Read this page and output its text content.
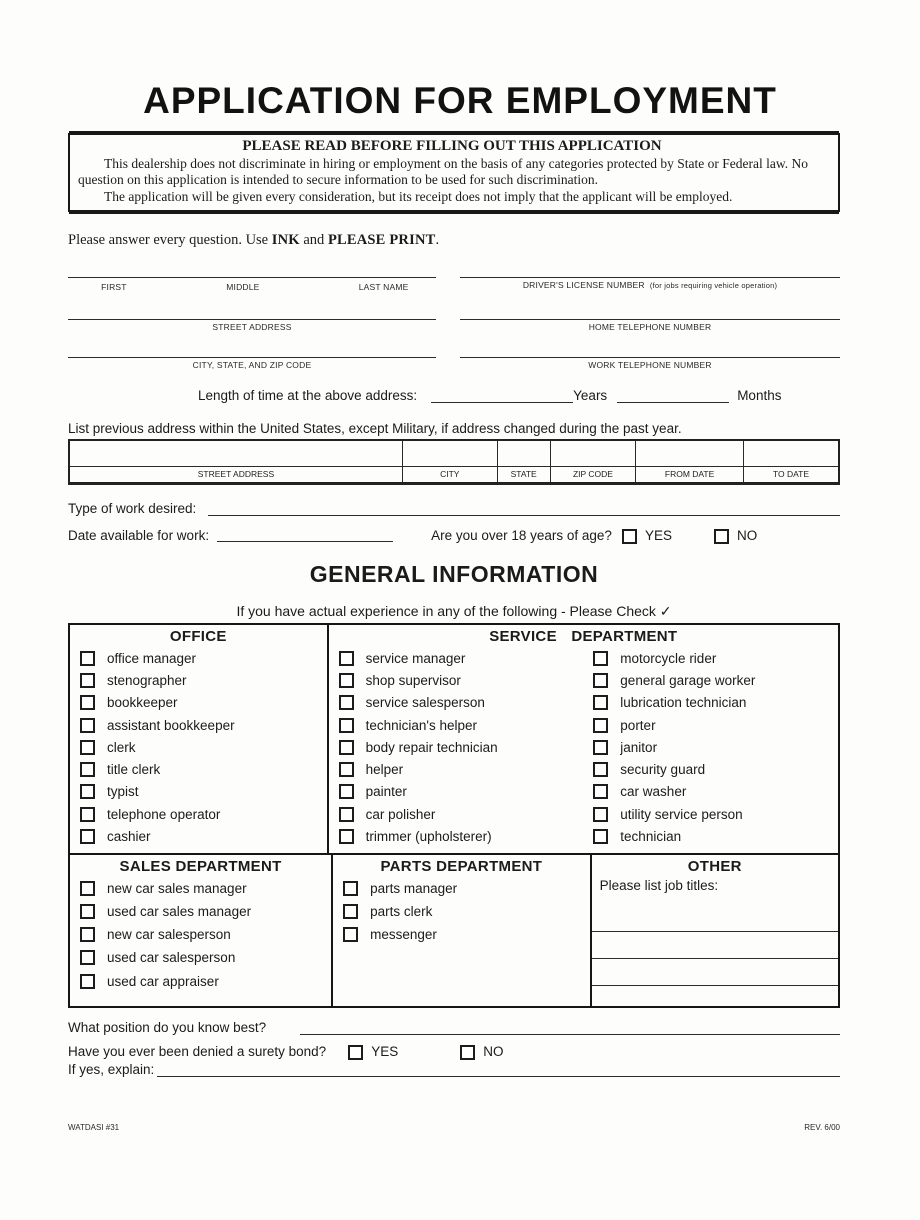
APPLICATION FOR EMPLOYMENT
PLEASE READ BEFORE FILLING OUT THIS APPLICATION

This dealership does not discriminate in hiring or employment on the basis of any categories protected by State or Federal law. No question on this application is intended to secure information to be used for such discrimination.

The application will be given every consideration, but its receipt does not imply that the applicant will be employed.

Please answer every question. Use INK and PLEASE PRINT.
FIRST	MIDDLE	LAST NAME	DRIVER'S LICENSE NUMBER (for jobs requiring vehicle operation)
STREET ADDRESS	HOME TELEPHONE NUMBER
CITY, STATE, AND ZIP CODE	WORK TELEPHONE NUMBER
Length of time at the above address:	Years	Months
List previous address within the United States, except Military, if address changed during the past year.

STREET ADDRESS	CITY	STATE	ZIP CODE	FROM DATE	TO DATE
Type of work desired:
Date available for work:	Are you over 18 years of age? YES	NO
GENERAL INFORMATION
If you have actual experience in any of the following - Please Check ✓
OFFICE
office manager
stenographer
bookkeeper
assistant bookkeeper
clerk
title clerk
typist
telephone operator
cashier
SERVICE DEPARTMENT
service manager
shop supervisor
service salesperson
technician's helper
body repair technician
helper
painter
car polisher
trimmer (upholsterer)
motorcycle rider
general garage worker
lubrication technician
porter
janitor
security guard
car washer
utility service person
technician
SALES DEPARTMENT
new car sales manager
used car sales manager
new car salesperson
used car salesperson
used car appraiser
PARTS DEPARTMENT
parts manager
parts clerk
messenger
OTHER
Please list job titles:
What position do you know best?
Have you ever been denied a surety bond?	YES	NO
If yes, explain:
WATDASI #31	REV. 6/00
